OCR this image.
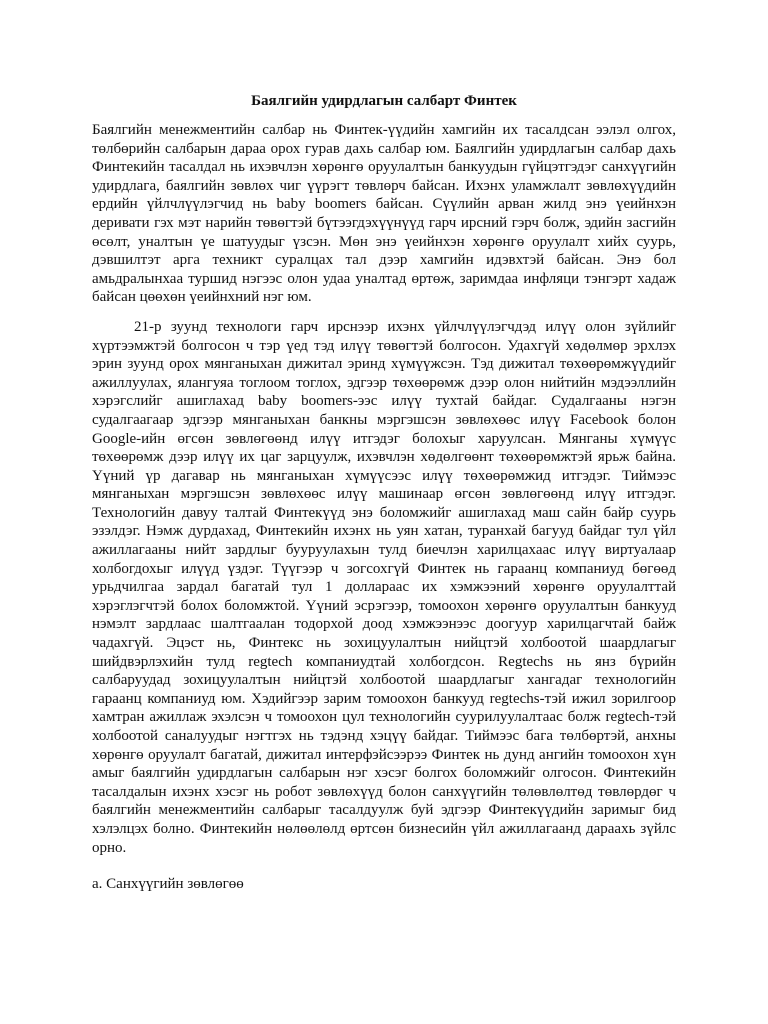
Баялгийн удирдлагын салбарт Финтек

Баялгийн менежментийн салбар нь Финтек-үүдийн хамгийн их тасалдсан ээлэл олгох, төлбөрийн салбарын дараа орох гурав дахь салбар юм. Баялгийн удирдлагын салбар дахь Финтекийн тасалдал нь ихэвчлэн хөрөнгө оруулалтын банкуудын гүйцэтгэдэг санхүүгийн удирдлага, баялгийн зөвлөх чиг үүрэгт төвлөрч байсан. Ихэнх уламжлалт зөвлөхүүдийн ердийн үйлчлүүлэгчид нь baby boomers байсан. Сүүлийн арван жилд энэ үеийнхэн деривати гэх мэт нарийн төвөгтэй бүтээгдэхүүнүүд гарч ирсний гэрч болж, эдийн засгийн өсөлт, уналтын үе шатуудыг үзсэн. Мөн энэ үеийнхэн хөрөнгө оруулалт хийх суурь, дэвшилтэт арга техникт суралцах тал дээр хамгийн идэвхтэй байсан. Энэ бол амьдралынхаа туршид нэгээс олон удаа уналтад өртөж, заримдаа инфляци тэнгэрт хадаж байсан цөөхөн үеийнхний нэг юм.

21-р зуунд технологи гарч ирснээр ихэнх үйлчлүүлэгчдэд илүү олон зүйлийг хүртээмжтэй болгосон ч тэр үед тэд илүү төвөгтэй болгосон. Удахгүй хөдөлмөр эрхлэх эрин зуунд орох мянганыхан дижитал эринд хүмүүжсэн. Тэд дижитал төхөөрөмжүүдийг ажиллуулах, ялангуяа тоглоом тоглох, эдгээр төхөөрөмж дээр олон нийтийн мэдээллийн хэрэгслийг ашиглахад baby boomers-ээс илүү тухтай байдаг. Судалгааны нэгэн судалгаагаар эдгээр мянганыхан банкны мэргэшсэн зөвлөхөөс илүү Facebook болон Google-ийн өгсөн зөвлөгөөнд илүү итгэдэг болохыг харуулсан. Мянганы хүмүүс төхөөрөмж дээр илүү их цаг зарцуулж, ихэвчлэн хөдөлгөөнт төхөөрөмжтэй ярьж байна. Үүний үр дагавар нь мянганыхан хүмүүсээс илүү төхөөрөмжид итгэдэг. Тиймээс мянганыхан мэргэшсэн зөвлөхөөс илүү машинаар өгсөн зөвлөгөөнд илүү итгэдэг. Технологийн давуу талтай Финтекүүд энэ боломжийг ашиглахад маш сайн байр суурь эзэлдэг. Нэмж дурдахад, Финтекийн ихэнх нь уян хатан, туранхай багууд байдаг тул үйл ажиллагааны нийт зардлыг бууруулахын тулд биечлэн харилцахаас илүү виртуалаар холбогдохыг илүүд үздэг. Түүгээр ч зогсохгүй Финтек нь гараанц компаниуд бөгөөд урьдчилгаа зардал багатай тул 1 доллараас их хэмжээний хөрөнгө оруулалттай хэрэглэгчтэй болох боломжтой. Үүний эсрэгээр, томоохон хөрөнгө оруулалтын банкууд нэмэлт зардлаас шалтгаалан тодорхой доод хэмжээнээс доогуур харилцагчтай байж чадахгүй. Эцэст нь, Финтекс нь зохицуулалтын нийцтэй холбоотой шаардлагыг шийдвэрлэхийн тулд regtech компаниудтай холбогдсон. Regtechs нь янз бүрийн салбаруудад зохицуулалтын нийцтэй холбоотой шаардлагыг хангадаг технологийн гараанц компаниуд юм. Хэдийгээр зарим томоохон банкууд regtechs-тэй ижил зорилгоор хамтран ажиллаж эхэлсэн ч томоохон цул технологийн суурилуулалтаас болж regtech-тэй холбоотой саналуудыг нэгтгэх нь тэдэнд хэцүү байдаг. Тиймээс бага төлбөртэй, анхны хөрөнгө оруулалт багатай, дижитал интерфэйсээрээ Финтек нь дунд ангийн томоохон хүн амыг баялгийн удирдлагын салбарын нэг хэсэг болгох боломжийг олгосон. Финтекийн тасалдалын ихэнх хэсэг нь робот зөвлөхүүд болон санхүүгийн төлөвлөлтөд төвлөрдөг ч баялгийн менежментийн салбарыг тасалдуулж буй эдгээр Финтекүүдийн заримыг бид хэлэлцэх болно. Финтекийн нөлөөлөлд өртсөн бизнесийн үйл ажиллагаанд дараахь зүйлс орно.

а. Санхүүгийн зөвлөгөө
